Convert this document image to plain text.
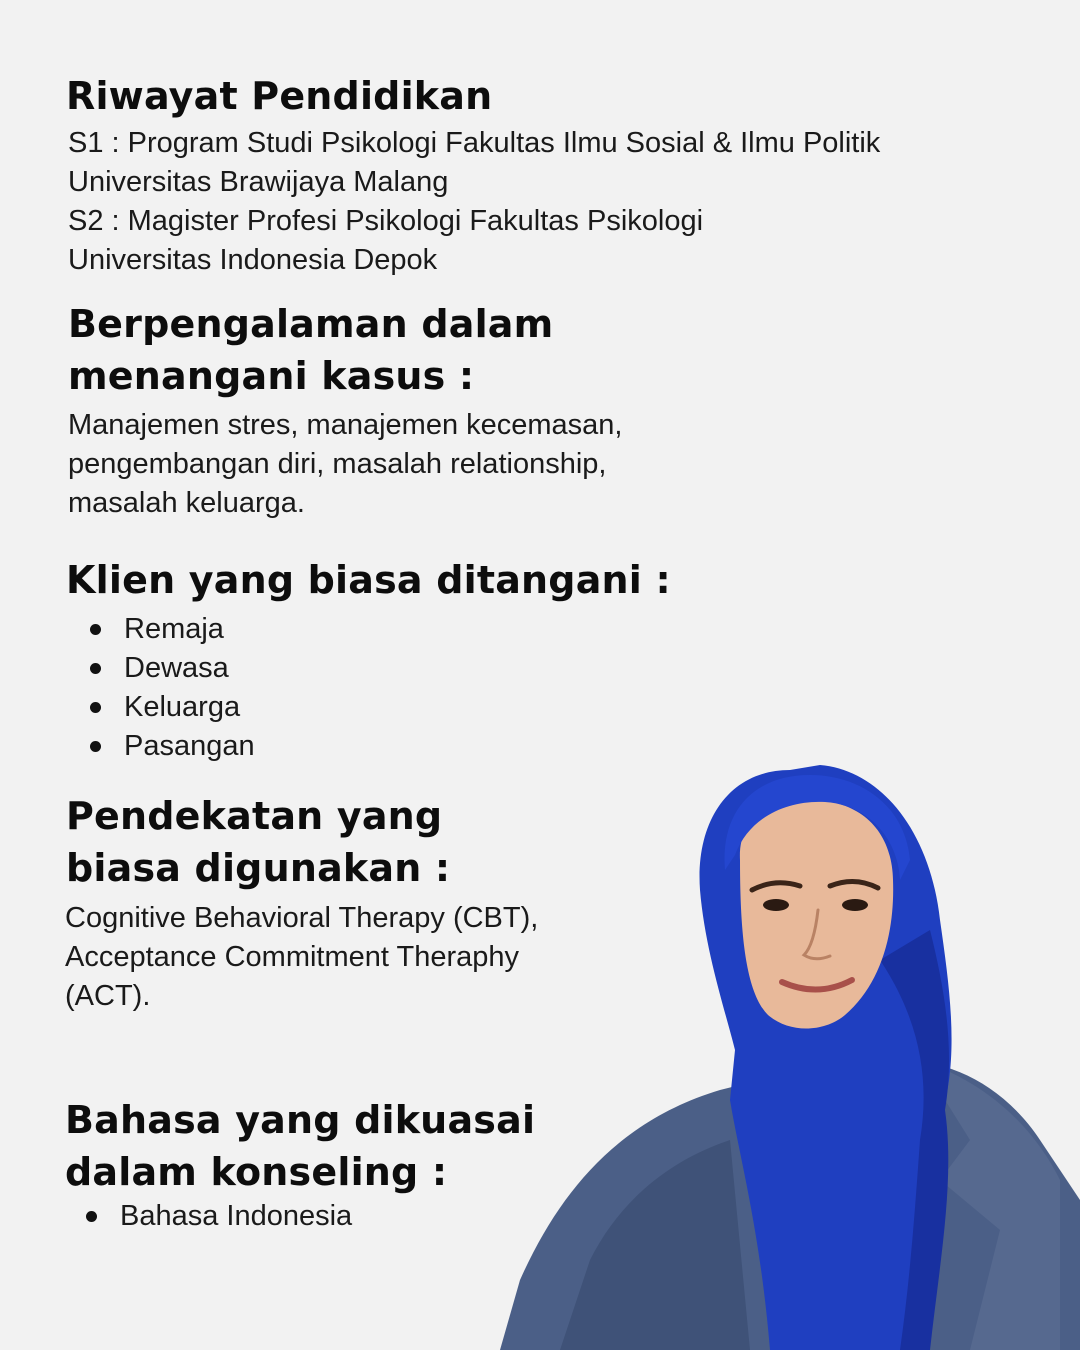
Riwayat Pendidikan
S1 : Program Studi Psikologi Fakultas Ilmu Sosial & Ilmu Politik
Universitas Brawijaya Malang
S2 : Magister Profesi Psikologi Fakultas Psikologi
Universitas Indonesia Depok
Berpengalaman dalam
menangani kasus :
Manajemen stres, manajemen kecemasan,
pengembangan diri, masalah relationship,
masalah keluarga.
Klien yang biasa ditangani :
Remaja
Dewasa
Keluarga
Pasangan
Pendekatan yang
biasa digunakan :
Cognitive Behavioral Therapy (CBT),
Acceptance Commitment Theraphy
(ACT).
Bahasa yang dikuasai
dalam konseling :
Bahasa Indonesia
